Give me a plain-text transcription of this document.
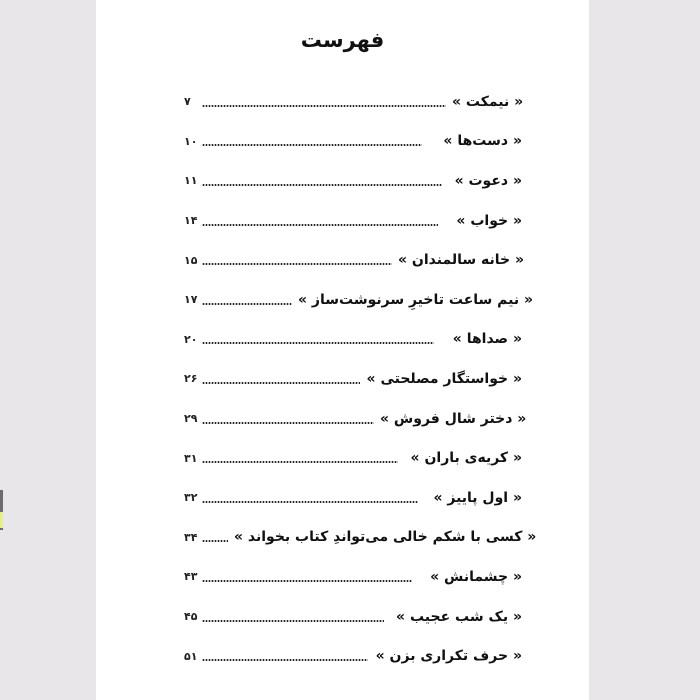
فهرست
۷	« نیمکت »
۱۰	« دست‌ها »
۱۱	« دعوت »
۱۴	« خواب »
۱۵	« خانه سالمندان »
۱۷	« نیم ساعت تاخیرِ سرنوشت‌ساز »
۲۰	« صداها »
۲۶	« خواستگار مصلحتی »
۲۹	« دختر شال فروش »
۳۱	« کریه‌ی باران »
۳۲	« اول پاییز »
۳۴	« کسی با شکم خالی می‌تواندِ کتاب بخواند »
۴۳	« چشمانش »
۴۵	« یک شب عجیب »
۵۱	« حرف تکراری بزن »
